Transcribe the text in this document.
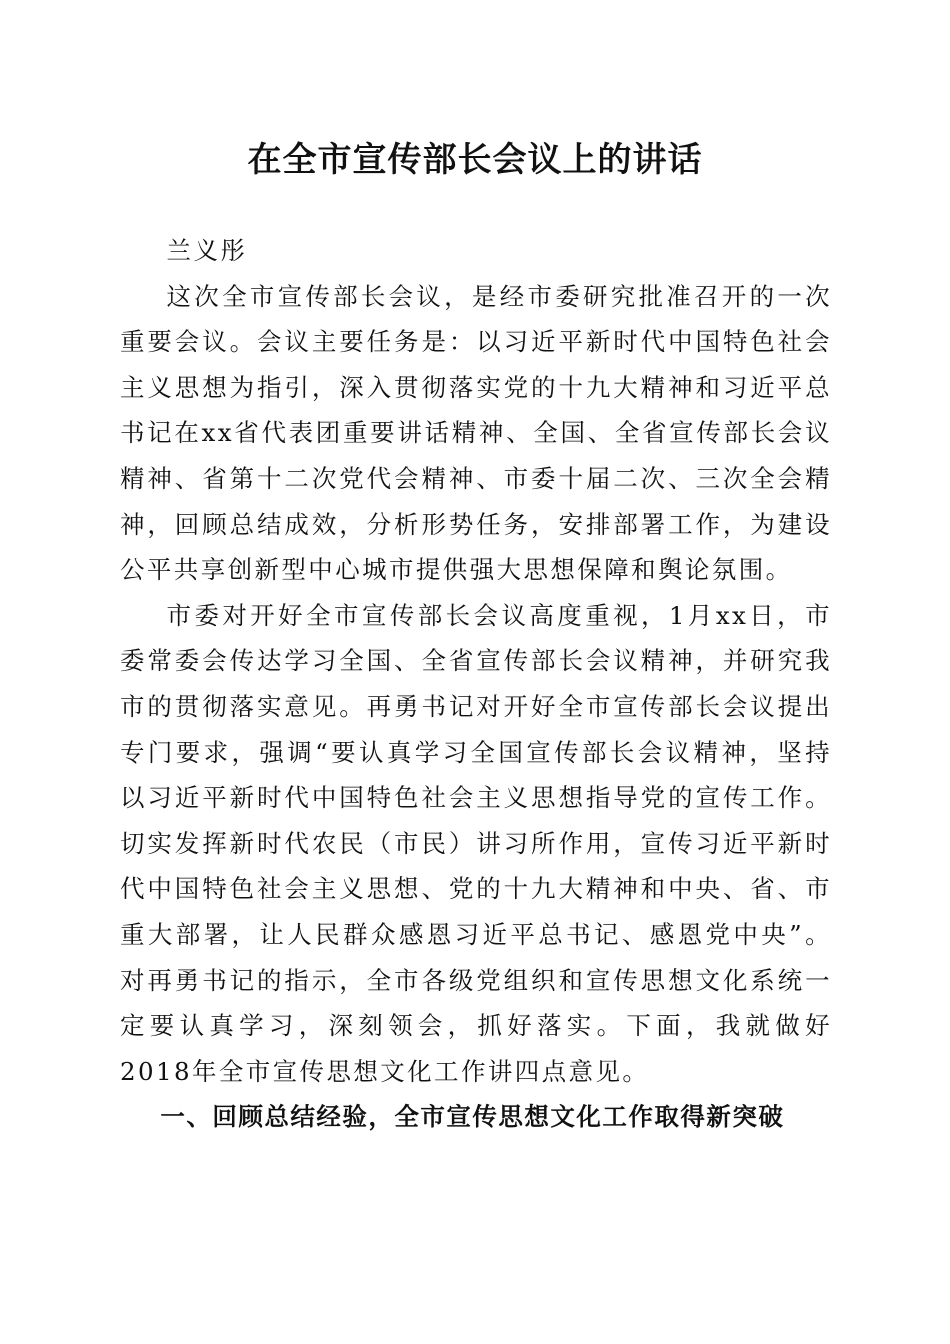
在全市宣传部长会议上的讲话

兰义彤

这次全市宣传部长会议，是经市委研究批准召开的一次重要会议。会议主要任务是：以习近平新时代中国特色社会主义思想为指引，深入贯彻落实党的十九大精神和习近平总书记在xx省代表团重要讲话精神、全国、全省宣传部长会议精神、省第十二次党代会精神、市委十届二次、三次全会精神，回顾总结成效，分析形势任务，安排部署工作，为建设公平共享创新型中心城市提供强大思想保障和舆论氛围。

市委对开好全市宣传部长会议高度重视，1月xx日，市委常委会传达学习全国、全省宣传部长会议精神，并研究我市的贯彻落实意见。再勇书记对开好全市宣传部长会议提出专门要求，强调“要认真学习全国宣传部长会议精神，坚持以习近平新时代中国特色社会主义思想指导党的宣传工作。切实发挥新时代农民（市民）讲习所作用，宣传习近平新时代中国特色社会主义思想、党的十九大精神和中央、省、市重大部署，让人民群众感恩习近平总书记、感恩党中央”。对再勇书记的指示，全市各级党组织和宣传思想文化系统一定要认真学习，深刻领会，抓好落实。下面，我就做好2018年全市宣传思想文化工作讲四点意见。

一、回顾总结经验，全市宣传思想文化工作取得新突破
